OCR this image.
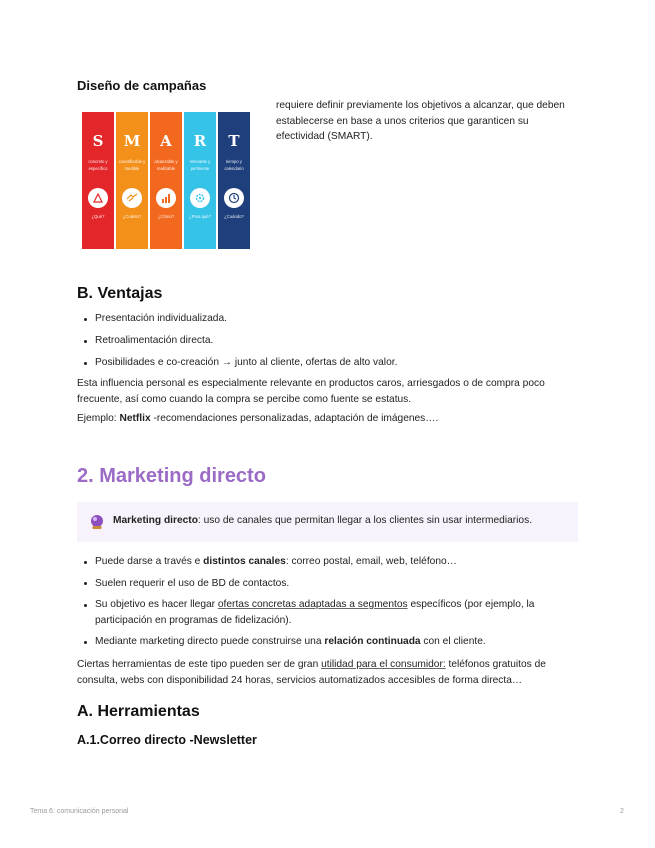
Diseño de campañas
requiere definir previamente los objetivos a alcanzar, que deben establecerse en base a unos criterios que garanticen su efectividad (SMART).
S
concreto y específico
¿Qué?
M
cuantificable y medible
¿Cuánto?
A
alcanzable y realizable
¿Cómo?
R
relevante y pertinente
¿Para qué?
T
tiempo y calendario
¿Cuándo?
B. Ventajas
Presentación individualizada.
Retroalimentación directa.
Posibilidades e co-creación → junto al cliente, ofertas de alto valor.
Esta influencia personal es especialmente relevante en productos caros, arriesgados o de compra poco frecuente, así como cuando la compra se percibe como fuente se estatus.
Ejemplo: Netflix -recomendaciones personalizadas, adaptación de imágenes….
2. Marketing directo
Marketing directo: uso de canales que permitan llegar a los clientes sin usar intermediarios.
Puede darse a través e distintos canales: correo postal, email, web, teléfono…
Suelen requerir el uso de BD de contactos.
Su objetivo es hacer llegar ofertas concretas adaptadas a segmentos específicos (por ejemplo, la participación en programas de fidelización).
Mediante marketing directo puede construirse una relación continuada con el cliente.
Ciertas herramientas de este tipo pueden ser de gran utilidad para el consumidor: teléfonos gratuitos de consulta, webs con disponibilidad 24 horas, servicios automatizados accesibles de forma directa…
A. Herramientas
A.1.Correo directo -Newsletter
Tema 6: comunicación personal	2
